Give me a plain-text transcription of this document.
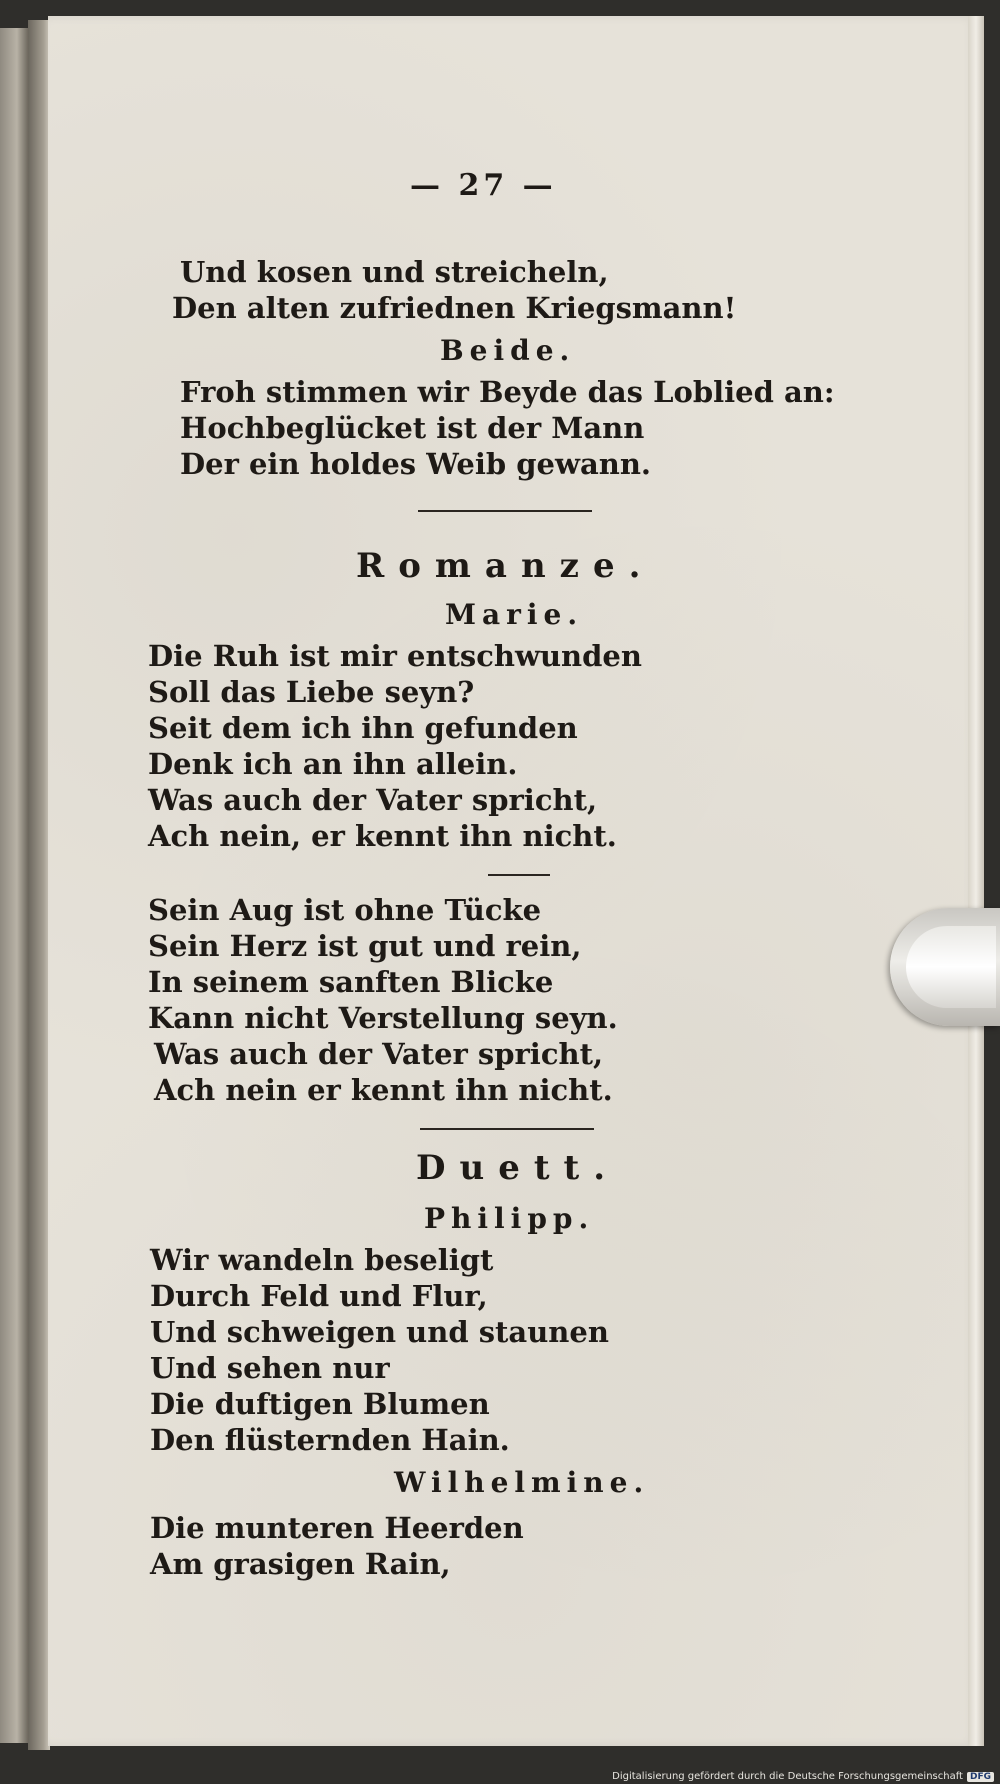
— 27 —
Und kosen und streicheln,
Den alten zufriednen Kriegsmann!
Beide.
Froh stimmen wir Beyde das Loblied an:
Hochbeglücket ist der Mann
Der ein holdes Weib gewann.
Romanze.
Marie.
Die Ruh ist mir entschwunden
Soll das Liebe seyn?
Seit dem ich ihn gefunden
Denk ich an ihn allein.
Was auch der Vater spricht,
Ach nein, er kennt ihn nicht.
Sein Aug ist ohne Tücke
Sein Herz ist gut und rein,
In seinem sanften Blicke
Kann nicht Verstellung seyn.
Was auch der Vater spricht,
Ach nein er kennt ihn nicht.
Duett.
Philipp.
Wir wandeln beseligt
Durch Feld und Flur,
Und schweigen und staunen
Und sehen nur
Die duftigen Blumen
Den flüsternden Hain.
Wilhelmine.
Die munteren Heerden
Am grasigen Rain,
Digitalisierung gefördert durch die Deutsche Forschungsgemeinschaft DFG
